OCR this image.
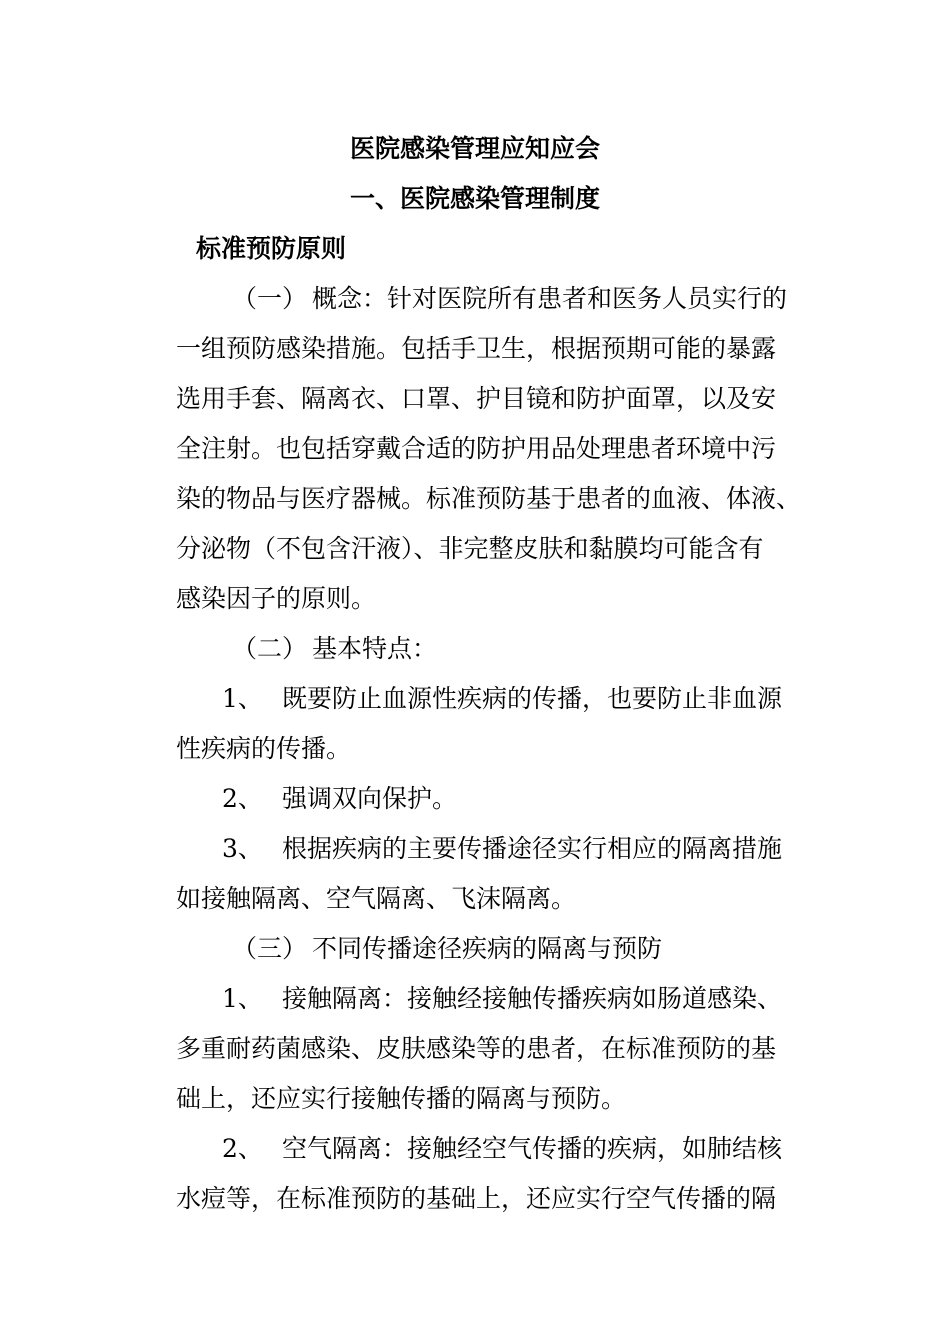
医院感染管理应知应会
一、医院感染管理制度
标准预防原则

（一） 概念：针对医院所有患者和医务人员实行的

一组预防感染措施。包括手卫生，根据预期可能的暴露

选用手套、隔离衣、口罩、护目镜和防护面罩，以及安

全注射。也包括穿戴合适的防护用品处理患者环境中污

染的物品与医疗器械。标准预防基于患者的血液、体液、

分泌物（不包含汗液）、非完整皮肤和黏膜均可能含有

感染因子的原则。

（二） 基本特点：

1、 既要防止血源性疾病的传播，也要防止非血源

性疾病的传播。

2、 强调双向保护。

3、 根据疾病的主要传播途径实行相应的隔离措施

如接触隔离、空气隔离、飞沫隔离。

（三） 不同传播途径疾病的隔离与预防

1、 接触隔离：接触经接触传播疾病如肠道感染、

多重耐药菌感染、皮肤感染等的患者，在标准预防的基

础上，还应实行接触传播的隔离与预防。

2、 空气隔离：接触经空气传播的疾病，如肺结核

水痘等，在标准预防的基础上，还应实行空气传播的隔
